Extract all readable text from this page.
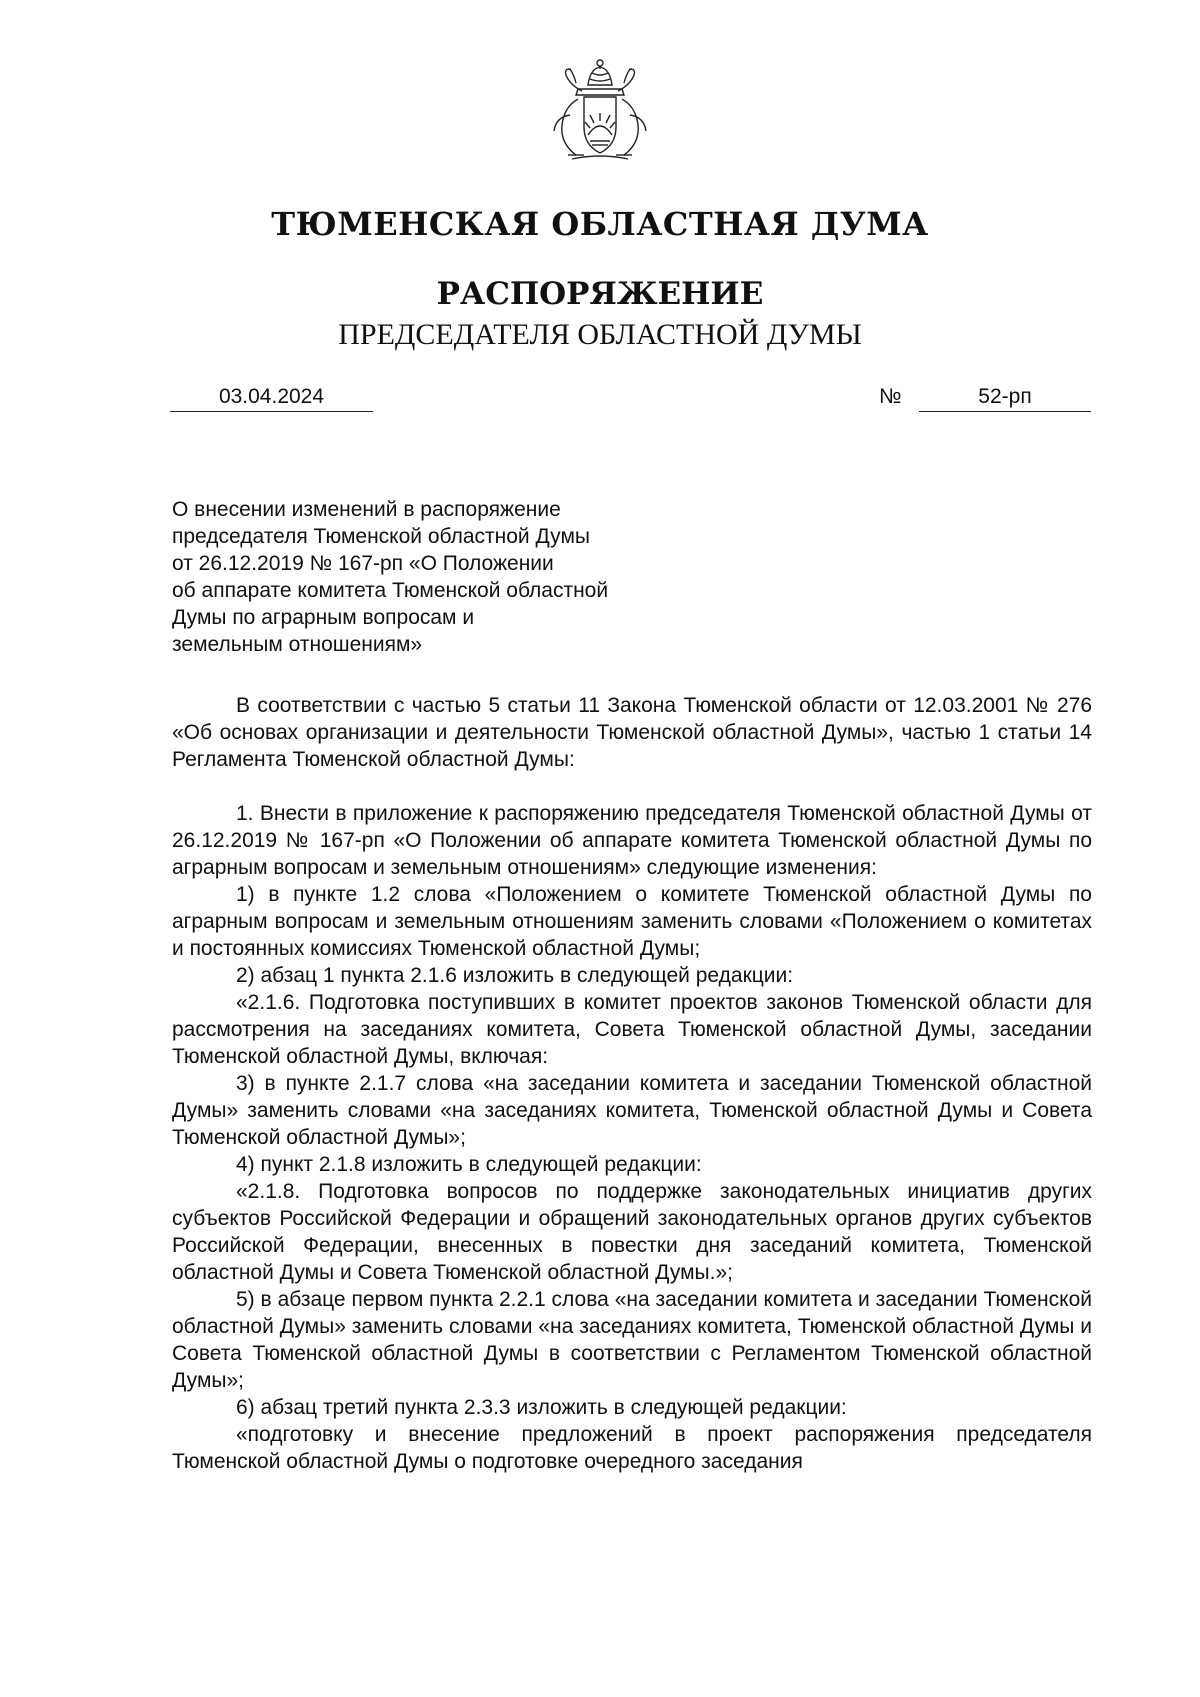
ТЮМЕНСКАЯ ОБЛАСТНАЯ ДУМА
РАСПОРЯЖЕНИЕ
ПРЕДСЕДАТЕЛЯ ОБЛАСТНОЙ ДУМЫ
03.04.2024	№	52-рп
О внесении изменений в распоряжение
председателя Тюменской областной Думы
от 26.12.2019 № 167-рп «О Положении
об аппарате комитета Тюменской областной
Думы по аграрным вопросам и
земельным отношениям»

В соответствии с частью 5 статьи 11 Закона Тюменской области от 12.03.2001 № 276 «Об основах организации и деятельности Тюменской областной Думы», частью 1 статьи 14 Регламента Тюменской областной Думы:

1. Внести в приложение к распоряжению председателя Тюменской областной Думы от 26.12.2019 № 167-рп «О Положении об аппарате комитета Тюменской областной Думы по аграрным вопросам и земельным отношениям» следующие изменения:

1) в пункте 1.2 слова «Положением о комитете Тюменской областной Думы по аграрным вопросам и земельным отношениям заменить словами «Положением о комитетах и постоянных комиссиях Тюменской областной Думы;

2) абзац 1 пункта 2.1.6 изложить в следующей редакции:

«2.1.6. Подготовка поступивших в комитет проектов законов Тюменской области для рассмотрения на заседаниях комитета, Совета Тюменской областной Думы, заседании Тюменской областной Думы, включая:

3) в пункте 2.1.7 слова «на заседании комитета и заседании Тюменской областной Думы» заменить словами «на заседаниях комитета, Тюменской областной Думы и Совета Тюменской областной Думы»;

4) пункт 2.1.8 изложить в следующей редакции:

«2.1.8. Подготовка вопросов по поддержке законодательных инициатив других субъектов Российской Федерации и обращений законодательных органов других субъектов Российской Федерации, внесенных в повестки дня заседаний комитета, Тюменской областной Думы и Совета Тюменской областной Думы.»;

5) в абзаце первом пункта 2.2.1 слова «на заседании комитета и заседании Тюменской областной Думы» заменить словами «на заседаниях комитета, Тюменской областной Думы и Совета Тюменской областной Думы в соответствии с Регламентом Тюменской областной Думы»;

6) абзац третий пункта 2.3.3 изложить в следующей редакции:

«подготовку и внесение предложений в проект распоряжения председателя Тюменской областной Думы о подготовке очередного заседания
